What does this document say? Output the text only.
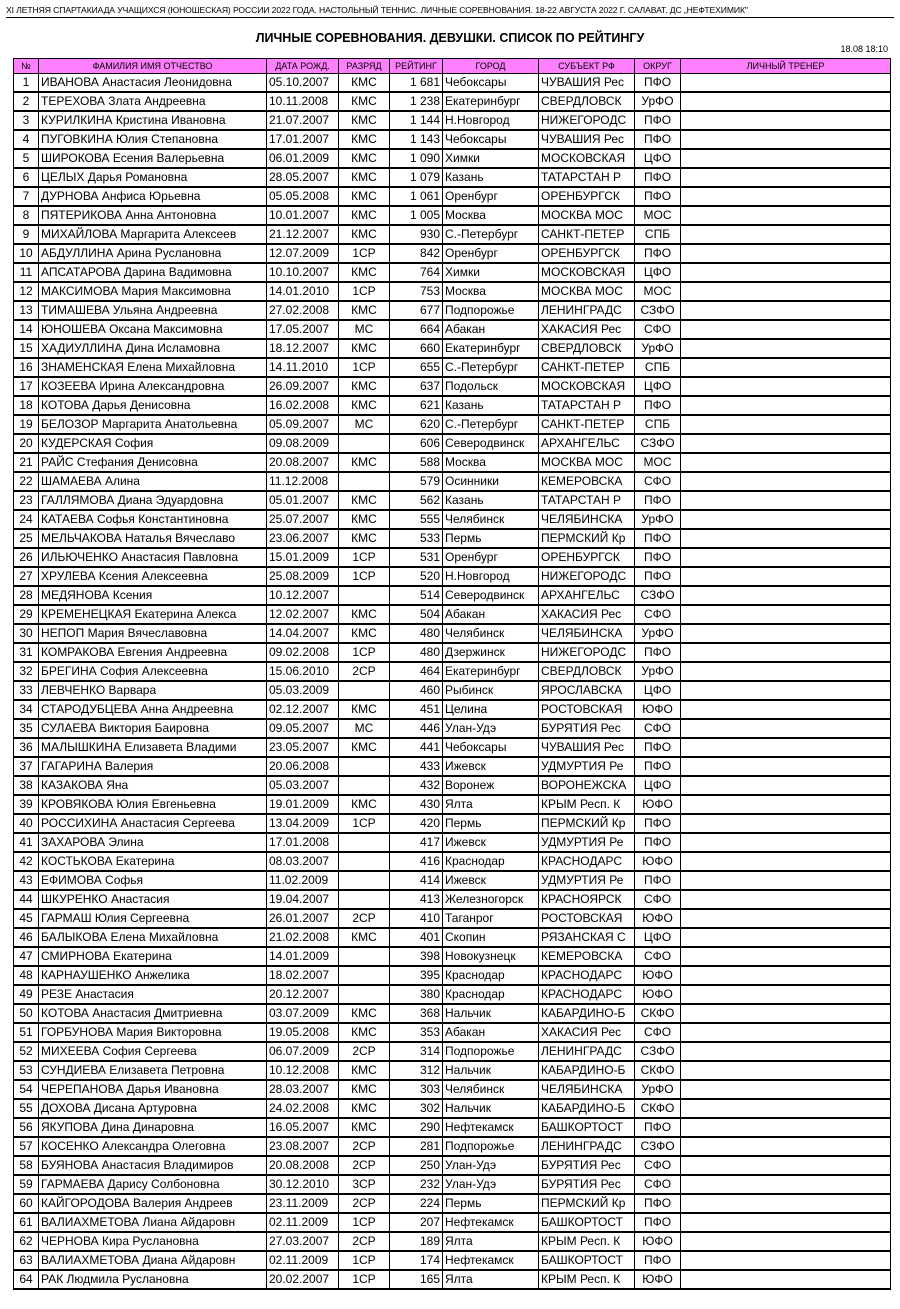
XI ЛЕТНЯЯ СПАРТАКИАДА УЧАЩИХСЯ (ЮНОШЕСКАЯ) РОССИИ 2022 ГОДА. НАСТОЛЬНЫЙ ТЕННИС. ЛИЧНЫЕ СОРЕВНОВАНИЯ. 18-22 АВГУСТА 2022 Г. САЛАВАТ. ДС „НЕФТЕХИМИК"
ЛИЧНЫЕ СОРЕВНОВАНИЯ. ДЕВУШКИ. СПИСОК ПО РЕЙТИНГУ
18.08 18:10
№	ФАМИЛИЯ ИМЯ ОТЧЕСТВО	ДАТА РОЖД.	РАЗРЯД	РЕЙТИНГ	ГОРОД	СУБЪЕКТ РФ	ОКРУГ	ЛИЧНЫЙ ТРЕНЕР
1	ИВАНОВА Анастасия Леонидовна	05.10.2007	КМС	1 681	Чебоксары	ЧУВАШИЯ Рес	ПФО	
2	ТЕРЕХОВА Злата Андреевна	10.11.2008	КМС	1 238	Екатеринбург	СВЕРДЛОВСК	УрФО	
3	КУРИЛКИНА Кристина Ивановна	21.07.2007	КМС	1 144	Н.Новгород	НИЖЕГОРОДС	ПФО	
4	ПУГОВКИНА Юлия Степановна	17.01.2007	КМС	1 143	Чебоксары	ЧУВАШИЯ Рес	ПФО	
5	ШИРОКОВА Есения Валерьевна	06.01.2009	КМС	1 090	Химки	МОСКОВСКАЯ	ЦФО	
6	ЦЕЛЫХ Дарья Романовна	28.05.2007	КМС	1 079	Казань	ТАТАРСТАН Р	ПФО	
7	ДУРНОВА Анфиса Юрьевна	05.05.2008	КМС	1 061	Оренбург	ОРЕНБУРГСК	ПФО	
8	ПЯТЕРИКОВА Анна Антоновна	10.01.2007	КМС	1 005	Москва	МОСКВА МОС	МОС	
9	МИХАЙЛОВА Маргарита Алексеев	21.12.2007	КМС	930	С.-Петербург	САНКТ-ПЕТЕР	СПБ	
10	АБДУЛЛИНА Арина Руслановна	12.07.2009	1СР	842	Оренбург	ОРЕНБУРГСК	ПФО	
11	АПСАТАРОВА Дарина Вадимовна	10.10.2007	КМС	764	Химки	МОСКОВСКАЯ	ЦФО	
12	МАКСИМОВА Мария Максимовна	14.01.2010	1СР	753	Москва	МОСКВА МОС	МОС	
13	ТИМАШЕВА Ульяна Андреевна	27.02.2008	КМС	677	Подпорожье	ЛЕНИНГРАДС	СЗФО	
14	ЮНОШЕВА Оксана Максимовна	17.05.2007	МС	664	Абакан	ХАКАСИЯ Рес	СФО	
15	ХАДИУЛЛИНА Дина Исламовна	18.12.2007	КМС	660	Екатеринбург	СВЕРДЛОВСК	УрФО	
16	ЗНАМЕНСКАЯ Елена Михайловна	14.11.2010	1СР	655	С.-Петербург	САНКТ-ПЕТЕР	СПБ	
17	КОЗЕЕВА Ирина Александровна	26.09.2007	КМС	637	Подольск	МОСКОВСКАЯ	ЦФО	
18	КОТОВА Дарья Денисовна	16.02.2008	КМС	621	Казань	ТАТАРСТАН Р	ПФО	
19	БЕЛОЗОР Маргарита Анатольевна	05.09.2007	МС	620	С.-Петербург	САНКТ-ПЕТЕР	СПБ	
20	КУДЕРСКАЯ София	09.08.2009		606	Северодвинск	АРХАНГЕЛЬС	СЗФО	
21	РАЙС Стефания Денисовна	20.08.2007	КМС	588	Москва	МОСКВА МОС	МОС	
22	ШАМАЕВА Алина	11.12.2008		579	Осинники	КЕМЕРОВСКА	СФО	
23	ГАЛЛЯМОВА Диана Эдуардовна	05.01.2007	КМС	562	Казань	ТАТАРСТАН Р	ПФО	
24	КАТАЕВА Софья Константиновна	25.07.2007	КМС	555	Челябинск	ЧЕЛЯБИНСКА	УрФО	
25	МЕЛЬЧАКОВА Наталья Вячеславо	23.06.2007	КМС	533	Пермь	ПЕРМСКИЙ Кр	ПФО	
26	ИЛЬЮЧЕНКО Анастасия Павловна	15.01.2009	1СР	531	Оренбург	ОРЕНБУРГСК	ПФО	
27	ХРУЛЕВА Ксения Алексеевна	25.08.2009	1СР	520	Н.Новгород	НИЖЕГОРОДС	ПФО	
28	МЕДЯНОВА Ксения	10.12.2007		514	Северодвинск	АРХАНГЕЛЬС	СЗФО	
29	КРЕМЕНЕЦКАЯ Екатерина Алекса	12.02.2007	КМС	504	Абакан	ХАКАСИЯ Рес	СФО	
30	НЕПОП Мария Вячеславовна	14.04.2007	КМС	480	Челябинск	ЧЕЛЯБИНСКА	УрФО	
31	КОМРАКОВА Евгения Андреевна	09.02.2008	1СР	480	Дзержинск	НИЖЕГОРОДС	ПФО	
32	БРЕГИНА София Алексеевна	15.06.2010	2СР	464	Екатеринбург	СВЕРДЛОВСК	УрФО	
33	ЛЕВЧЕНКО Варвара	05.03.2009		460	Рыбинск	ЯРОСЛАВСКА	ЦФО	
34	СТАРОДУБЦЕВА Анна Андреевна	02.12.2007	КМС	451	Целина	РОСТОВСКАЯ	ЮФО	
35	СУЛАЕВА Виктория Баировна	09.05.2007	МС	446	Улан-Удэ	БУРЯТИЯ Рес	СФО	
36	МАЛЫШКИНА Елизавета Владими	23.05.2007	КМС	441	Чебоксары	ЧУВАШИЯ Рес	ПФО	
37	ГАГАРИНА Валерия	20.06.2008		433	Ижевск	УДМУРТИЯ Ре	ПФО	
38	КАЗАКОВА Яна	05.03.2007		432	Воронеж	ВОРОНЕЖСКА	ЦФО	
39	КРОВЯКОВА Юлия Евгеньевна	19.01.2009	КМС	430	Ялта	КРЫМ Респ. К	ЮФО	
40	РОССИХИНА Анастасия Сергеева	13.04.2009	1СР	420	Пермь	ПЕРМСКИЙ Кр	ПФО	
41	ЗАХАРОВА Элина	17.01.2008		417	Ижевск	УДМУРТИЯ Ре	ПФО	
42	КОСТЬКОВА Екатерина	08.03.2007		416	Краснодар	КРАСНОДАРС	ЮФО	
43	ЕФИМОВА Софья	11.02.2009		414	Ижевск	УДМУРТИЯ Ре	ПФО	
44	ШКУРЕНКО Анастасия	19.04.2007		413	Железногорск	КРАСНОЯРСК	СФО	
45	ГАРМАШ Юлия Сергеевна	26.01.2007	2СР	410	Таганрог	РОСТОВСКАЯ	ЮФО	
46	БАЛЫКОВА Елена Михайловна	21.02.2008	КМС	401	Скопин	РЯЗАНСКАЯ С	ЦФО	
47	СМИРНОВА Екатерина	14.01.2009		398	Новокузнецк	КЕМЕРОВСКА	СФО	
48	КАРНАУШЕНКО Анжелика	18.02.2007		395	Краснодар	КРАСНОДАРС	ЮФО	
49	РЕЗЕ Анастасия	20.12.2007		380	Краснодар	КРАСНОДАРС	ЮФО	
50	КОТОВА Анастасия Дмитриевна	03.07.2009	КМС	368	Нальчик	КАБАРДИНО-Б	СКФО	
51	ГОРБУНОВА Мария Викторовна	19.05.2008	КМС	353	Абакан	ХАКАСИЯ Рес	СФО	
52	МИХЕЕВА София Сергеева	06.07.2009	2СР	314	Подпорожье	ЛЕНИНГРАДС	СЗФО	
53	СУНДИЕВА Елизавета Петровна	10.12.2008	КМС	312	Нальчик	КАБАРДИНО-Б	СКФО	
54	ЧЕРЕПАНОВА Дарья Ивановна	28.03.2007	КМС	303	Челябинск	ЧЕЛЯБИНСКА	УрФО	
55	ДОХОВА Дисана Артуровна	24.02.2008	КМС	302	Нальчик	КАБАРДИНО-Б	СКФО	
56	ЯКУПОВА Дина Динаровна	16.05.2007	КМС	290	Нефтекамск	БАШКОРТОСТ	ПФО	
57	КОСЕНКО Александра Олеговна	23.08.2007	2СР	281	Подпорожье	ЛЕНИНГРАДС	СЗФО	
58	БУЯНОВА Анастасия Владимиров	20.08.2008	2СР	250	Улан-Удэ	БУРЯТИЯ Рес	СФО	
59	ГАРМАЕВА Дарису Солбоновна	30.12.2010	3СР	232	Улан-Удэ	БУРЯТИЯ Рес	СФО	
60	КАЙГОРОДОВА Валерия Андреев	23.11.2009	2СР	224	Пермь	ПЕРМСКИЙ Кр	ПФО	
61	ВАЛИАХМЕТОВА Лиана Айдаровн	02.11.2009	1СР	207	Нефтекамск	БАШКОРТОСТ	ПФО	
62	ЧЕРНОВА Кира Руслановна	27.03.2007	2СР	189	Ялта	КРЫМ Респ. К	ЮФО	
63	ВАЛИАХМЕТОВА Диана Айдаровн	02.11.2009	1СР	174	Нефтекамск	БАШКОРТОСТ	ПФО	
64	РАК Людмила Руслановна	20.02.2007	1СР	165	Ялта	КРЫМ Респ. К	ЮФО	
